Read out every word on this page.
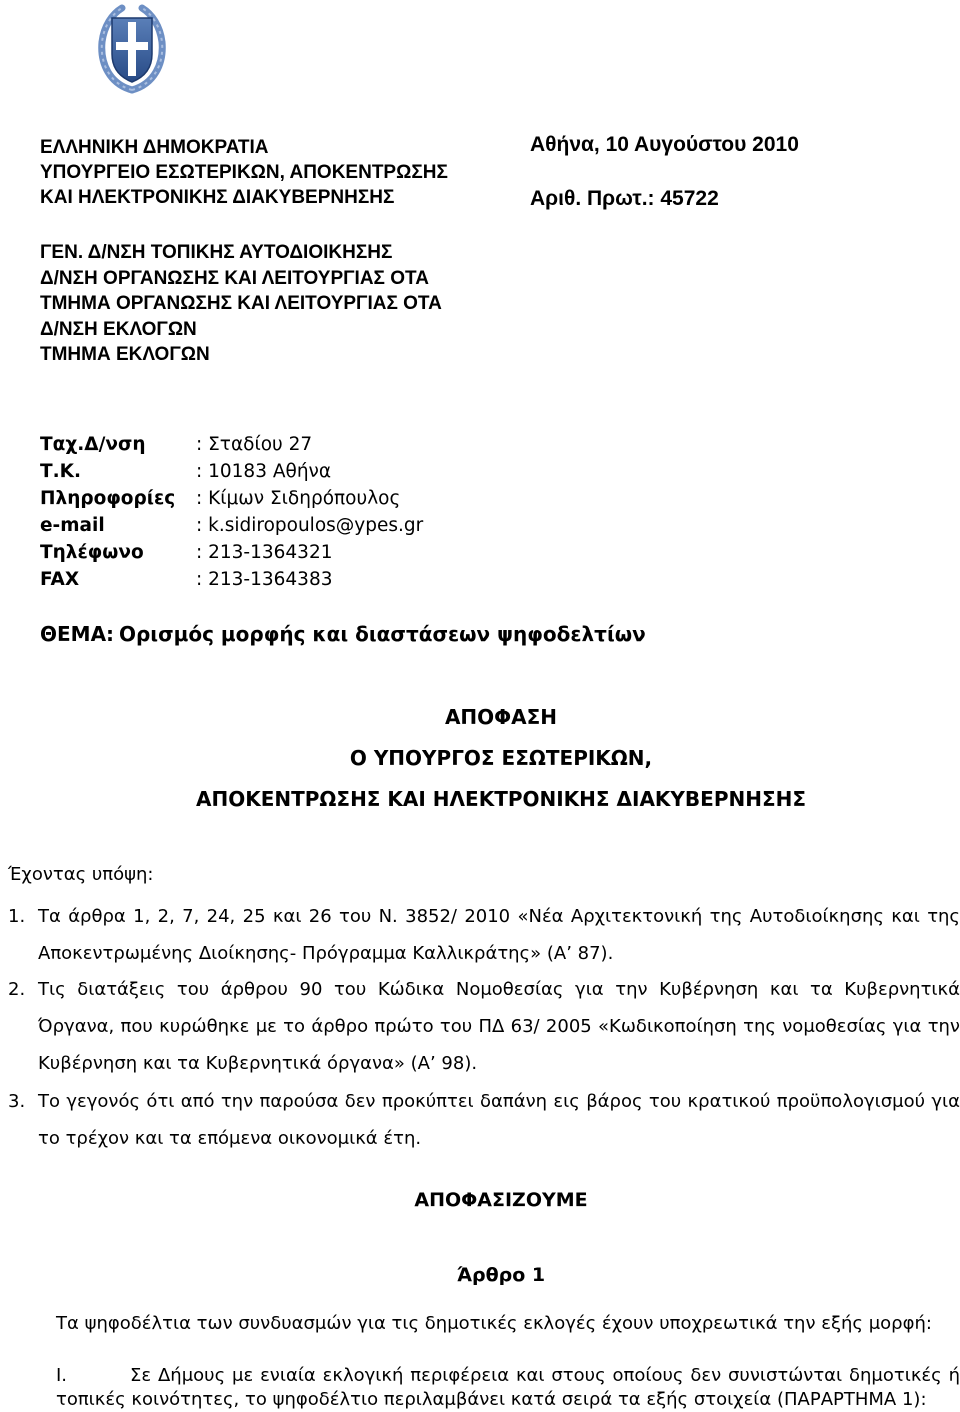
ΕΛΛΗΝΙΚΗ ΔΗΜΟΚΡΑΤΙΑ
ΥΠΟΥΡΓΕΙΟ ΕΣΩΤΕΡΙΚΩΝ, ΑΠΟΚΕΝΤΡΩΣΗΣ
ΚΑΙ ΗΛΕΚΤΡΟΝΙΚΗΣ ΔΙΑΚΥΒΕΡΝΗΣΗΣ
Αθήνα, 10 Αυγούστου 2010
Αριθ. Πρωτ.: 45722
ΓΕΝ. Δ/ΝΣΗ ΤΟΠΙΚΗΣ ΑΥΤΟΔΙΟΙΚΗΣΗΣ
Δ/ΝΣΗ ΟΡΓΑΝΩΣΗΣ ΚΑΙ ΛΕΙΤΟΥΡΓΙΑΣ ΟΤΑ
ΤΜΗΜΑ ΟΡΓΑΝΩΣΗΣ ΚΑΙ ΛΕΙΤΟΥΡΓΙΑΣ ΟΤΑ
Δ/ΝΣΗ ΕΚΛΟΓΩΝ
ΤΜΗΜΑ ΕΚΛΟΓΩΝ
Ταχ.Δ/νση	: Σταδίου 27
Τ.Κ.	: 10183 Αθήνα
Πληροφορίες	: Κίμων Σιδηρόπουλος
e-mail	: k.sidiropoulos@ypes.gr
Τηλέφωνο	: 213-1364321
FAX	: 213-1364383
ΘΕΜΑ: Ορισμός μορφής και διαστάσεων ψηφοδελτίων
ΑΠΟΦΑΣΗ
Ο ΥΠΟΥΡΓΟΣ ΕΣΩΤΕΡΙΚΩΝ,
ΑΠΟΚΕΝΤΡΩΣΗΣ ΚΑΙ ΗΛΕΚΤΡΟΝΙΚΗΣ ΔΙΑΚΥΒΕΡΝΗΣΗΣ
Έχοντας υπόψη:
1. Τα άρθρα 1, 2, 7, 24, 25 και 26 του Ν. 3852/ 2010 «Νέα Αρχιτεκτονική της Αυτοδιοίκησης και της Αποκεντρωμένης Διοίκησης- Πρόγραμμα Καλλικράτης» (Α’ 87).
2. Τις διατάξεις του άρθρου 90 του Κώδικα Νομοθεσίας για την Κυβέρνηση και τα Κυβερνητικά Όργανα, που κυρώθηκε με το άρθρο πρώτο του ΠΔ 63/ 2005 «Κωδικοποίηση της νομοθεσίας για την Κυβέρνηση και τα Κυβερνητικά όργανα» (Α’ 98).
3. Το γεγονός ότι από την παρούσα δεν προκύπτει δαπάνη εις βάρος του κρατικού προϋπολογισμού για το τρέχον και τα επόμενα οικονομικά έτη.
ΑΠΟΦΑΣΙΖΟΥΜΕ
Άρθρο 1
Τα ψηφοδέλτια των συνδυασμών για τις δημοτικές εκλογές έχουν υποχρεωτικά την εξής μορφή:
Ι.	Σε Δήμους με ενιαία εκλογική περιφέρεια και στους οποίους δεν συνιστώνται δημοτικές ή τοπικές κοινότητες, το ψηφοδέλτιο περιλαμβάνει κατά σειρά τα εξής στοιχεία (ΠΑΡΑΡΤΗΜΑ 1):
